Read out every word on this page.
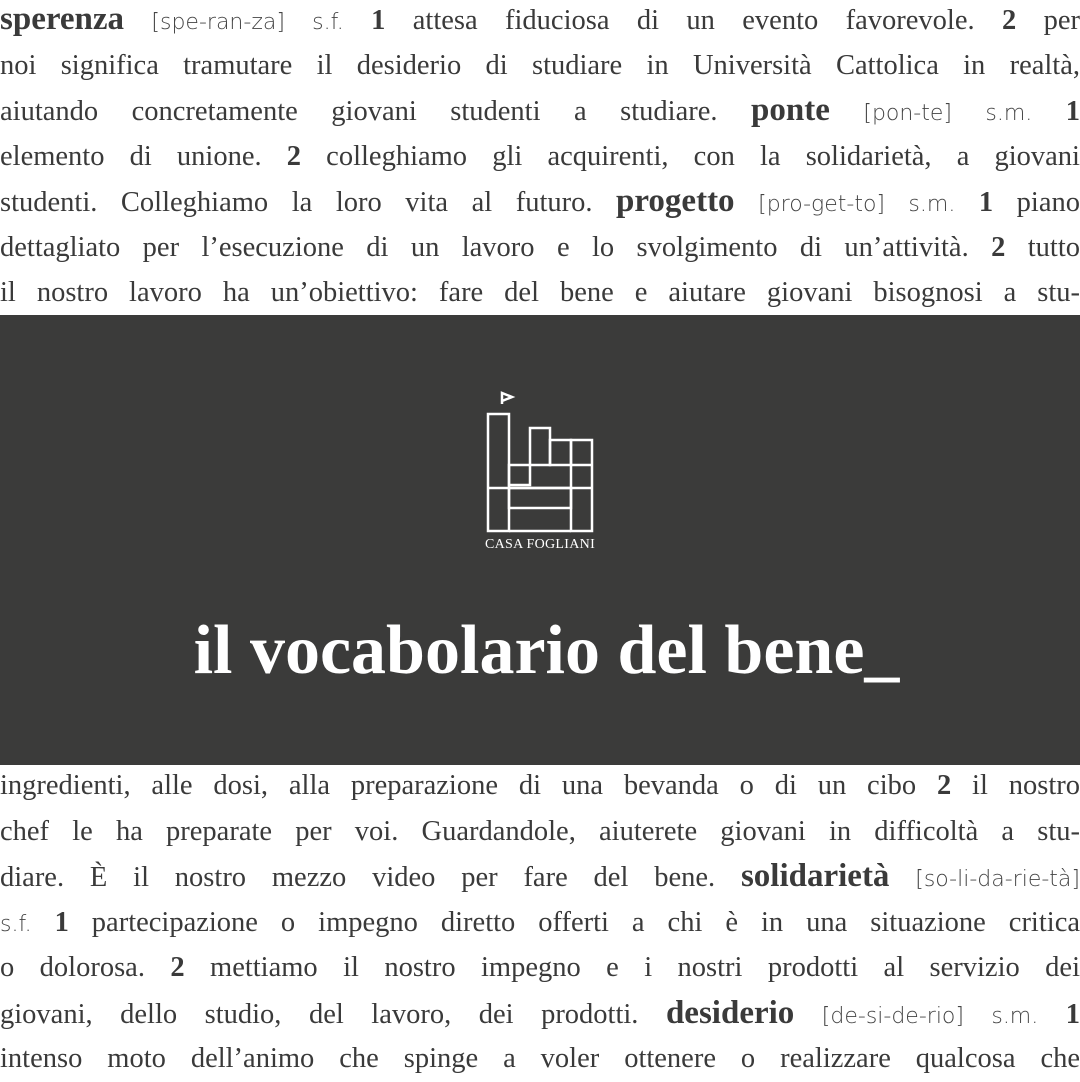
sperenza [spe-ran-za] s.f. 1 attesa fiduciosa di un evento favorevole. 2 per
noi significa tramutare il desiderio di studiare in Università Cattolica in realtà,
aiutando concretamente giovani studenti a studiare. ponte [pon-te] s.m. 1
elemento di unione. 2 colleghiamo gli acquirenti, con la solidarietà, a giovani
studenti. Colleghiamo la loro vita al futuro. progetto [pro-get-to] s.m. 1 piano
dettagliato per l’esecuzione di un lavoro e lo svolgimento di un’attività. 2 tutto
il nostro lavoro ha un’obiettivo: fare del bene e aiutare giovani bisognosi a stu-
CASA FOGLIANI
il vocabolario del bene_
ingredienti, alle dosi, alla preparazione di una bevanda o di un cibo 2 il nostro
chef le ha preparate per voi. Guardandole, aiuterete giovani in difficoltà a stu-
diare. È il nostro mezzo video per fare del bene. solidarietà [so-li-da-rie-tà]
s.f. 1 partecipazione o impegno diretto offerti a chi è in una situazione critica
o dolorosa. 2 mettiamo il nostro impegno e i nostri prodotti al servizio dei
giovani, dello studio, del lavoro, dei prodotti. desiderio [de-si-de-rio] s.m. 1
intenso moto dell’animo che spinge a voler ottenere o realizzare qualcosa che
